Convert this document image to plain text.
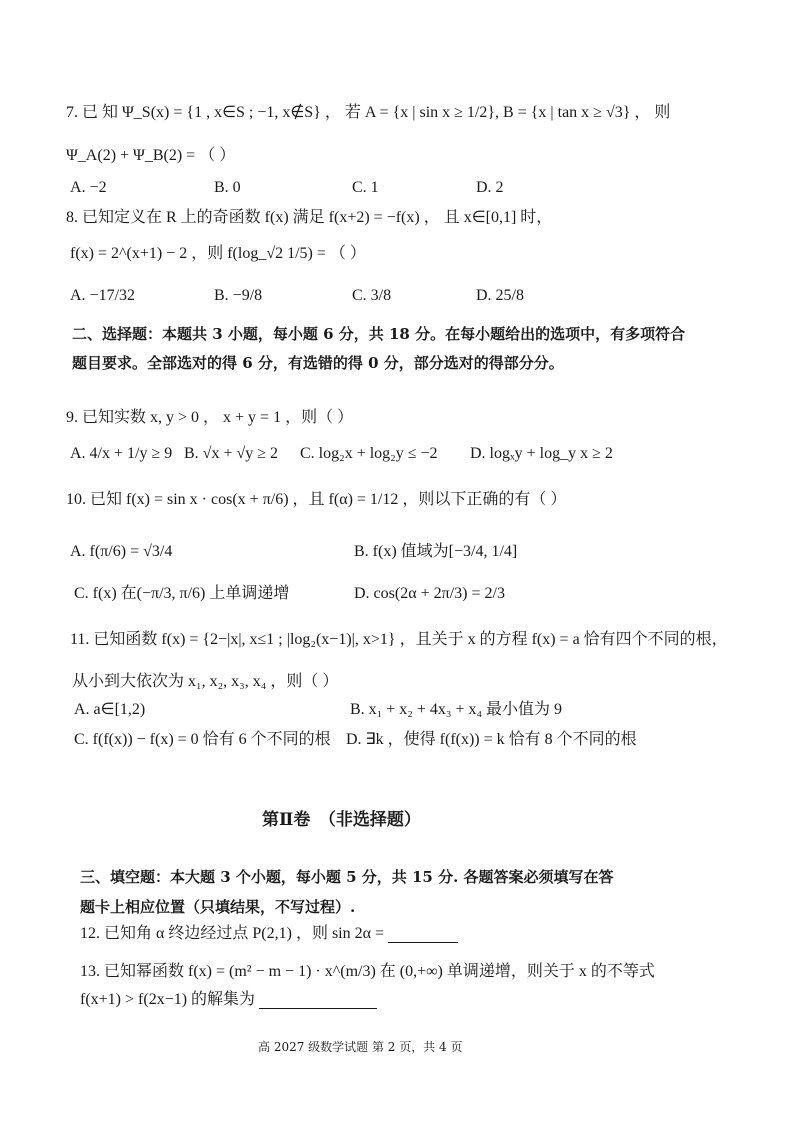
7. 已 知 Ψ_S(x) = {1 , x∈S ; −1, x∉S} ， 若 A = {x | sin x ≥ 1/2}, B = {x | tan x ≥ √3} ， 则
Ψ_A(2) + Ψ_B(2) = （ ）
A. −2	B. 0	C. 1	D. 2
8. 已知定义在 R 上的奇函数 f(x) 满足 f(x+2) = −f(x) ， 且 x∈[0,1] 时，
f(x) = 2^(x+1) − 2 ，则 f(log_√2 1/5) = （ ）
A. −17/32	B. −9/8	C. 3/8	D. 25/8
二、选择题：本题共 3 小题，每小题 6 分，共 18 分。在每小题给出的选项中，有多项符合
题目要求。全部选对的得 6 分，有选错的得 0 分，部分选对的得部分分。
9. 已知实数 x, y > 0 ， x + y = 1 ，则（ ）
A. 4/x + 1/y ≥ 9 B. √x + √y ≥ 2 C. log₂x + log₂y ≤ −2 D. logₓy + log_y x ≥ 2
10. 已知 f(x) = sin x · cos(x + π/6) ，且 f(α) = 1/12 ，则以下正确的有（ ）
A. f(π/6) = √3/4	B. f(x) 值域为[−3/4, 1/4]
C. f(x) 在(−π/3, π/6) 上单调递增	D. cos(2α + 2π/3) = 2/3
11. 已知函数 f(x) = {2−|x|, x≤1 ; |log₂(x−1)|, x>1} ，且关于 x 的方程 f(x) = a 恰有四个不同的根，
从小到大依次为 x₁, x₂, x₃, x₄ ，则（ ）
A. a∈[1,2)	B. x₁ + x₂ + 4x₃ + x₄ 最小值为 9
C. f(f(x)) − f(x) = 0 恰有 6 个不同的根 D. ∃k ，使得 f(f(x)) = k 恰有 8 个不同的根
第Ⅱ卷　（非选择题）
三、填空题：本大题 3 个小题，每小题 5 分，共 15 分. 各题答案必须填写在答
题卡上相应位置（只填结果，不写过程）.
12. 已知角 α 终边经过点 P(2,1) ，则 sin 2α =
13. 已知幂函数 f(x) = (m² − m − 1) · x^(m/3) 在 (0,+∞) 单调递增，则关于 x 的不等式
f(x+1) > f(2x−1) 的解集为
高 2027 级数学试题 第 2 页，共 4 页
